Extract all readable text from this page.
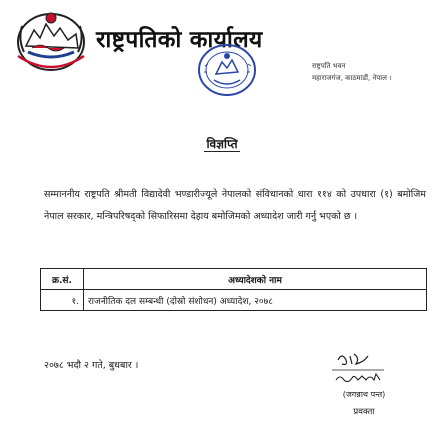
राष्ट्रपतिको कार्यालय
राष्ट्रपति भवन
महाराजगंज, काठमाडौं, नेपाल ।
विज्ञप्ति
सम्माननीय राष्ट्रपति श्रीमती विद्यादेवी भण्डारीज्यूले नेपालको संविधानको धारा ११४ को उपधारा (१) बमोजिम नेपाल सरकार, मन्त्रिपरिषद्को सिफारिसमा देहाय बमोजिमको अध्यादेश जारी गर्नु भएको छ ।
क्र.सं.	अध्यादेशको नाम
१.	राजनीतिक दल सम्बन्धी (दोस्रो संशोधन) अध्यादेश, २०७८
२०७८ भदौ २ गते, बुधबार ।
(जगन्नाथ पन्त)
प्रवक्ता
